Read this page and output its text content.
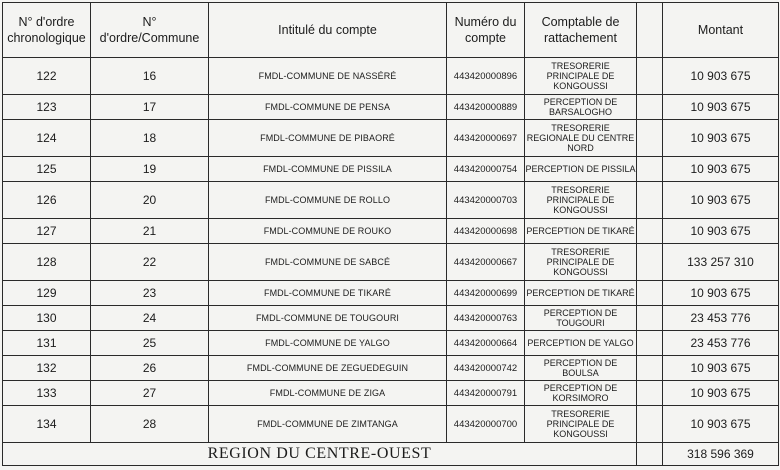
N° d'ordre chronologique	N° d'ordre/Commune	Intitulé du compte	Numéro du compte	Comptable de rattachement		Montant
122	16	FMDL-COMMUNE DE NASSÉRÉ	443420000896	TRESORERIE PRINCIPALE DE KONGOUSSI		10 903 675
123	17	FMDL-COMMUNE DE PENSA	443420000889	PERCEPTION DE BARSALOGHO		10 903 675
124	18	FMDL-COMMUNE DE PIBAORÉ	443420000697	TRESORERIE REGIONALE DU CENTRE NORD		10 903 675
125	19	FMDL-COMMUNE DE PISSILA	443420000754	PERCEPTION DE PISSILA		10 903 675
126	20	FMDL-COMMUNE DE ROLLO	443420000703	TRESORERIE PRINCIPALE DE KONGOUSSI		10 903 675
127	21	FMDL-COMMUNE DE ROUKO	443420000698	PERCEPTION DE TIKARÉ		10 903 675
128	22	FMDL-COMMUNE DE SABCÉ	443420000667	TRESORERIE PRINCIPALE DE KONGOUSSI		133 257 310
129	23	FMDL-COMMUNE DE TIKARÉ	443420000699	PERCEPTION DE TIKARÉ		10 903 675
130	24	FMDL-COMMUNE DE TOUGOURI	443420000763	PERCEPTION DE TOUGOURI		23 453 776
131	25	FMDL-COMMUNE DE YALGO	443420000664	PERCEPTION DE YALGO		23 453 776
132	26	FMDL-COMMUNE DE ZEGUEDEGUIN	443420000742	PERCEPTION DE BOULSA		10 903 675
133	27	FMDL-COMMUNE DE ZIGA	443420000791	PERCEPTION DE KORSIMORO		10 903 675
134	28	FMDL-COMMUNE DE ZIMTANGA	443420000700	TRESORERIE PRINCIPALE DE KONGOUSSI		10 903 675
REGION DU CENTRE-OUEST						318 596 369
